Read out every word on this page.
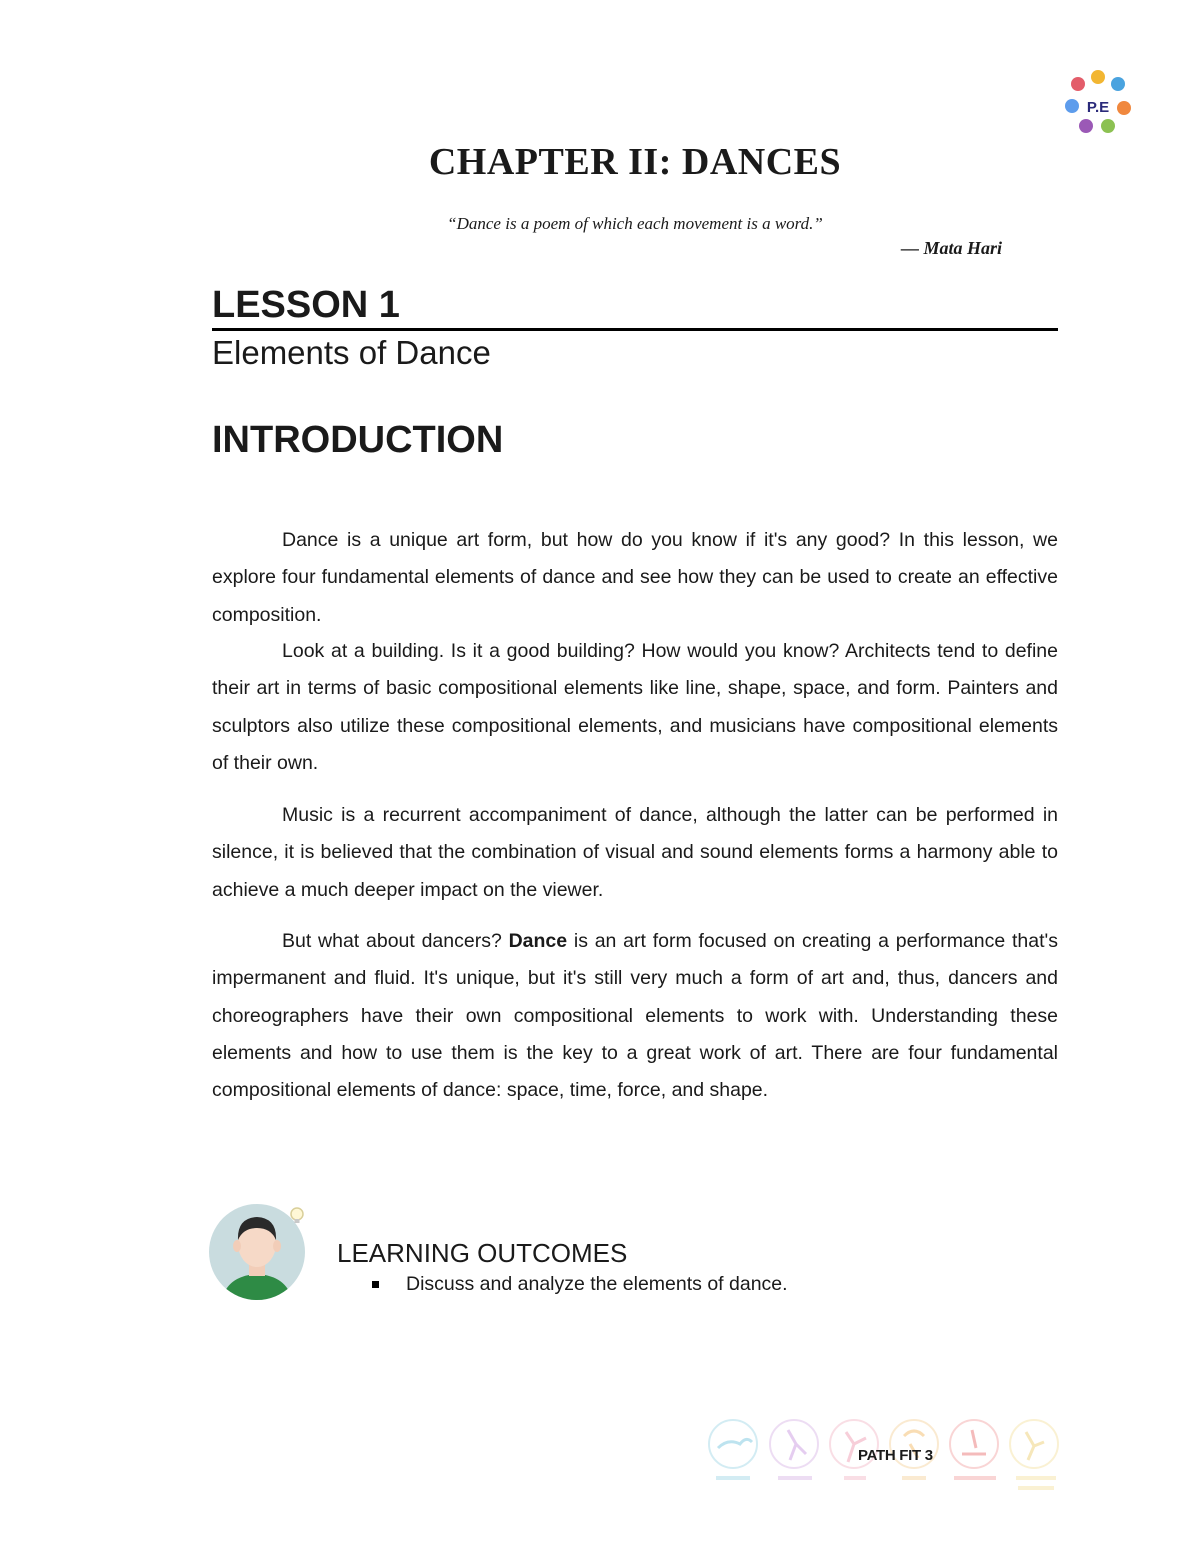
P.E
CHAPTER II: DANCES
“Dance is a poem of which each movement is a word.”
— Mata Hari
LESSON 1
Elements of Dance
INTRODUCTION

Dance is a unique art form, but how do you know if it's any good? In this lesson, we explore four fundamental elements of dance and see how they can be used to create an effective composition.

Look at a building. Is it a good building? How would you know? Architects tend to define their art in terms of basic compositional elements like line, shape, space, and form. Painters and sculptors also utilize these compositional elements, and musicians have compositional elements of their own.

Music is a recurrent accompaniment of dance, although the latter can be performed in silence, it is believed that the combination of visual and sound elements forms a harmony able to achieve a much deeper impact on the viewer.

But what about dancers? Dance is an art form focused on creating a performance that's impermanent and fluid. It's unique, but it's still very much a form of art and, thus, dancers and choreographers have their own compositional elements to work with. Understanding these elements and how to use them is the key to a great work of art. There are four fundamental compositional elements of dance: space, time, force, and shape.

LEARNING OUTCOMES
Discuss and analyze the elements of dance.
PATH FIT 3
